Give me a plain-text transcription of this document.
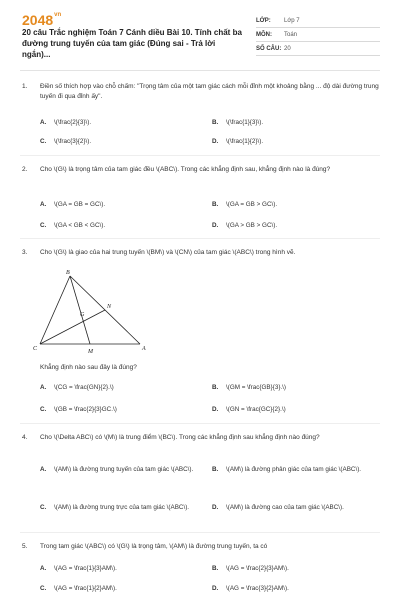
$2048^{vn}$
20 câu Trắc nghiệm Toán 7 Cánh diều Bài 10. Tính chất ba đường trung tuyến của tam giác (Đúng sai - Trả lời ngắn)...
LỚP:	Lớp 7
MÔN:	Toán
SỐ CÂU: 20
1. Điền số thích hợp vào chỗ chấm: "Trọng tâm của một tam giác cách mỗi đỉnh một khoảng bằng ... độ dài đường trung tuyến đi qua đỉnh ấy".
A. \(\frac{2}{3}\).	B. \(\frac{1}{3}\).
C. \(\frac{3}{2}\).	D. \(\frac{1}{2}\).
2. Cho \(G\) là trọng tâm của tam giác đều \(ABC\). Trong các khẳng định sau, khẳng định nào là đúng?
A. \(GA = GB = GC\).	B. \(GA = GB > GC\).
C. \(GA < GB < GC\).	D. \(GA > GB > GC\).
3. Cho \(G\) là giao của hai trung tuyến \(BM\) và \(CN\) của tam giác \(ABC\) trong hình vẽ.
B
N
G
C	M	A
Khẳng định nào sau đây là đúng?
A. \(CG = \frac{GN}{2}.\)	B. \(GM = \frac{GB}{3}.\)
C. \(GB = \frac{2}{3}GC.\)	D. \(GN = \frac{GC}{2}.\)
4. Cho \(\Delta ABC\) có \(M\) là trung điểm \(BC\). Trong các khẳng định sau khẳng định nào đúng?
A. \(AM\) là đường trung tuyến của tam giác \(ABC\).	B. \(AM\) là đường phân giác của tam giác \(ABC\).
C. \(AM\) là đường trung trực của tam giác \(ABC\).	D. \(AM\) là đường cao của tam giác \(ABC\).
5. Trong tam giác \(ABC\) có \(G\) là trọng tâm, \(AM\) là đường trung tuyến, ta có
A. \(AG = \frac{1}{3}AM\).	B. \(AG = \frac{2}{3}AM\).
C. \(AG = \frac{1}{2}AM\).	D. \(AG = \frac{3}{2}AM\).
